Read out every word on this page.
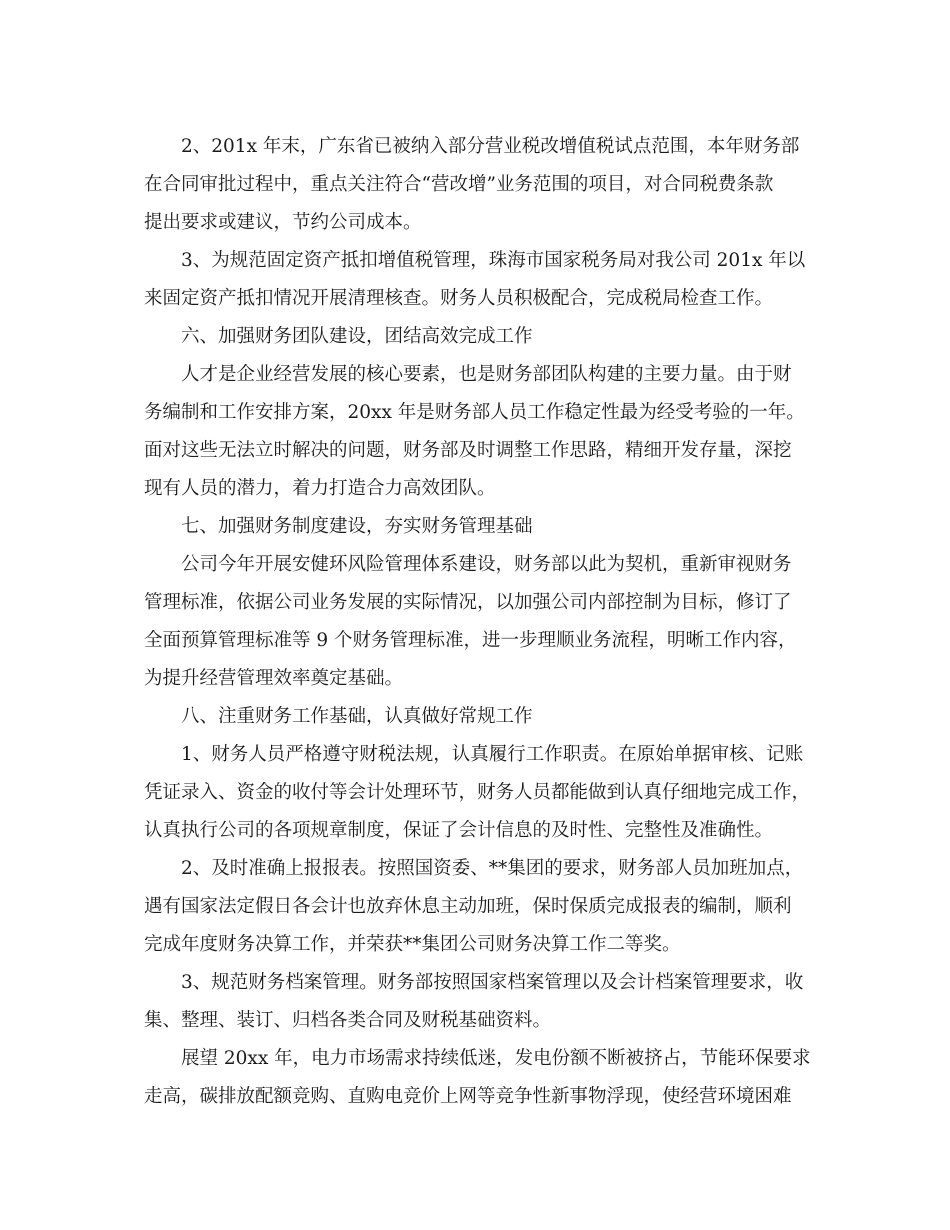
2、201x 年末，广东省已被纳入部分营业税改增值税试点范围，本年财务部
在合同审批过程中，重点关注符合“营改增”业务范围的项目，对合同税费条款
提出要求或建议，节约公司成本。
3、为规范固定资产抵扣增值税管理，珠海市国家税务局对我公司 201x 年以
来固定资产抵扣情况开展清理核查。财务人员积极配合，完成税局检查工作。
六、加强财务团队建设，团结高效完成工作
人才是企业经营发展的核心要素，也是财务部团队构建的主要力量。由于财
务编制和工作安排方案，20xx 年是财务部人员工作稳定性最为经受考验的一年。
面对这些无法立时解决的问题，财务部及时调整工作思路，精细开发存量，深挖
现有人员的潜力，着力打造合力高效团队。
七、加强财务制度建设，夯实财务管理基础
公司今年开展安健环风险管理体系建设，财务部以此为契机，重新审视财务
管理标准，依据公司业务发展的实际情况，以加强公司内部控制为目标，修订了
全面预算管理标准等 9 个财务管理标准，进一步理顺业务流程，明晰工作内容，
为提升经营管理效率奠定基础。
八、注重财务工作基础，认真做好常规工作
1、财务人员严格遵守财税法规，认真履行工作职责。在原始单据审核、记账
凭证录入、资金的收付等会计处理环节，财务人员都能做到认真仔细地完成工作，
认真执行公司的各项规章制度，保证了会计信息的及时性、完整性及准确性。
2、及时准确上报报表。按照国资委、**集团的要求，财务部人员加班加点，
遇有国家法定假日各会计也放弃休息主动加班，保时保质完成报表的编制，顺利
完成年度财务决算工作，并荣获**集团公司财务决算工作二等奖。
3、规范财务档案管理。财务部按照国家档案管理以及会计档案管理要求，收
集、整理、装订、归档各类合同及财税基础资料。
展望 20xx 年，电力市场需求持续低迷，发电份额不断被挤占，节能环保要求
走高，碳排放配额竞购、直购电竞价上网等竞争性新事物浮现，使经营环境困难
